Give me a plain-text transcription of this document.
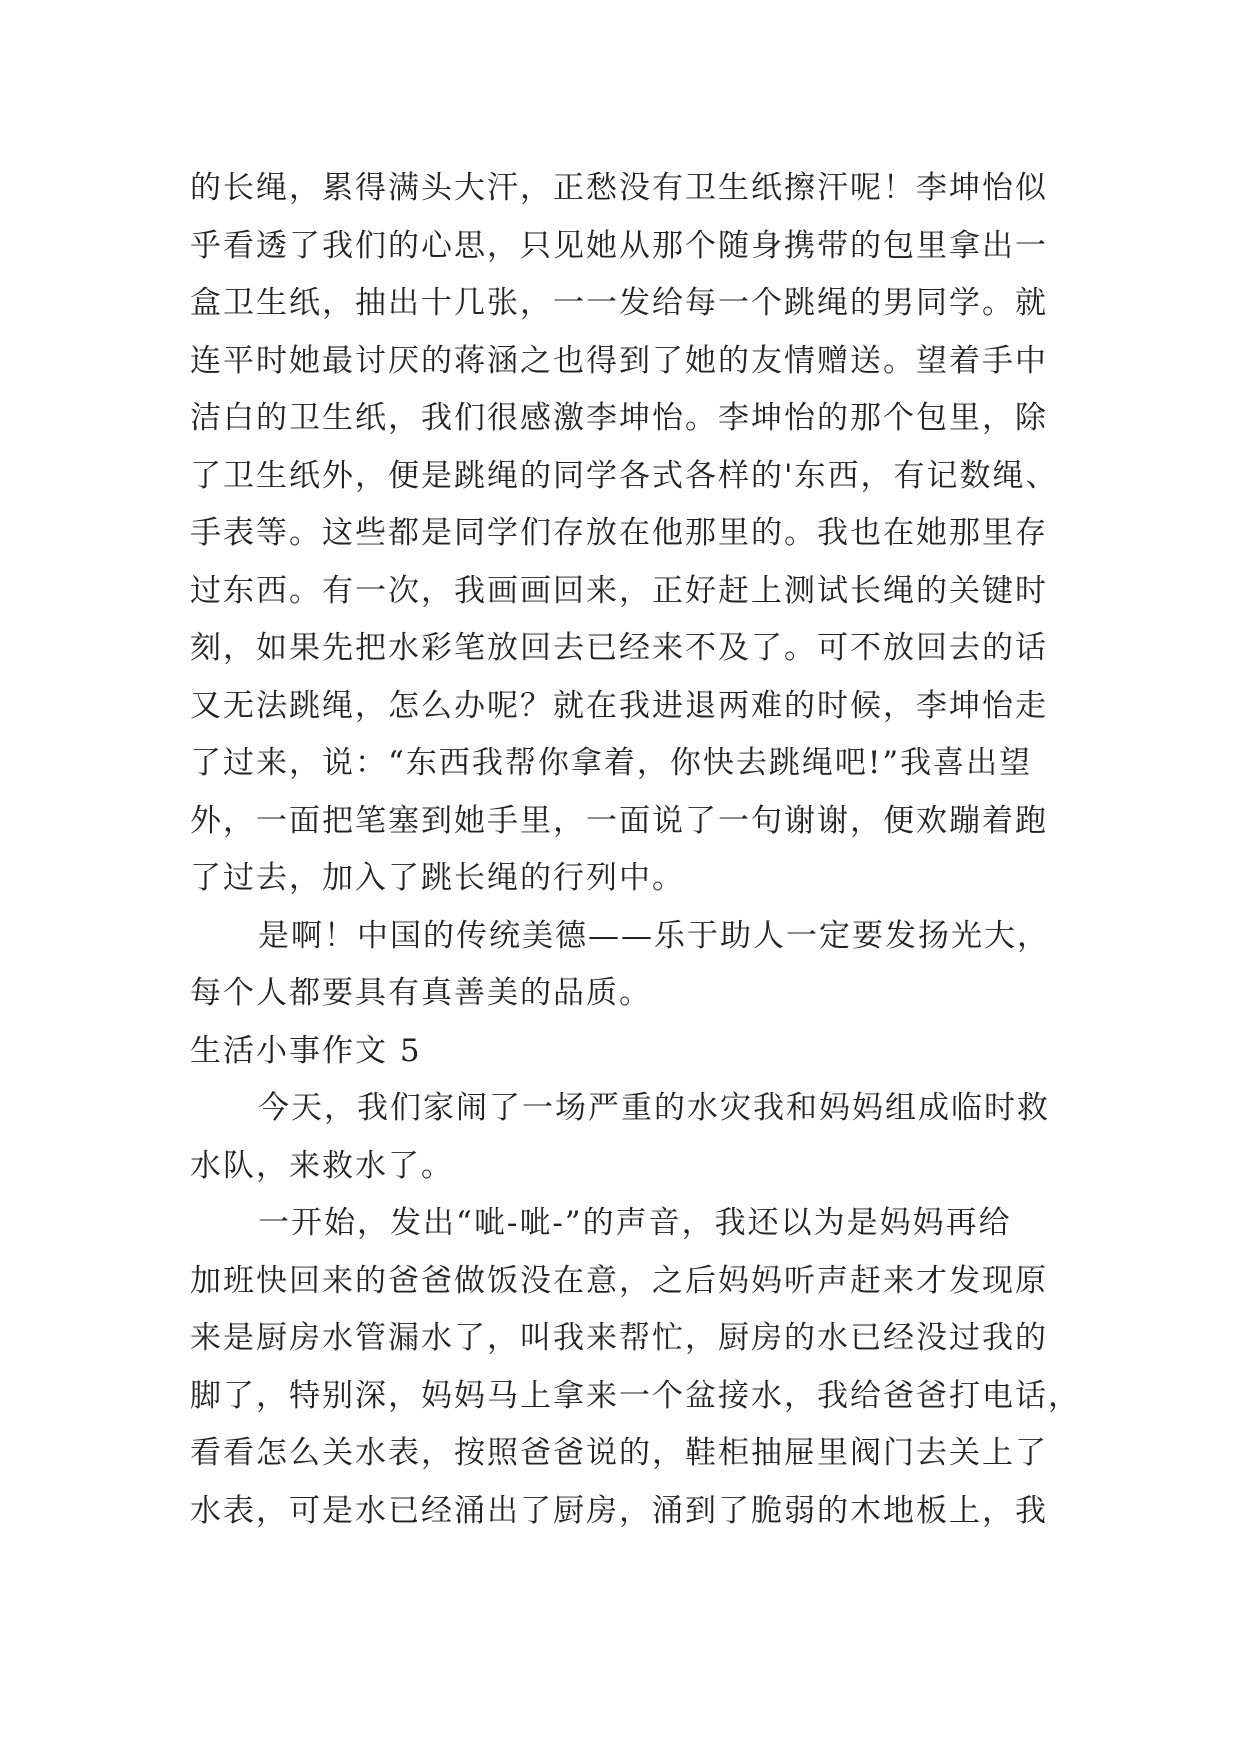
的长绳，累得满头大汗，正愁没有卫生纸擦汗呢！李坤怡似
乎看透了我们的心思，只见她从那个随身携带的包里拿出一
盒卫生纸，抽出十几张，一一发给每一个跳绳的男同学。就
连平时她最讨厌的蒋涵之也得到了她的友情赠送。望着手中
洁白的卫生纸，我们很感激李坤怡。李坤怡的那个包里，除
了卫生纸外，便是跳绳的同学各式各样的'东西，有记数绳、
手表等。这些都是同学们存放在他那里的。我也在她那里存
过东西。有一次，我画画回来，正好赶上测试长绳的关键时
刻，如果先把水彩笔放回去已经来不及了。可不放回去的话
又无法跳绳，怎么办呢？就在我进退两难的时候，李坤怡走
了过来，说：“东西我帮你拿着，你快去跳绳吧!”我喜出望
外，一面把笔塞到她手里，一面说了一句谢谢，便欢蹦着跑
了过去，加入了跳长绳的行列中。
是啊！中国的传统美德——乐于助人一定要发扬光大，
每个人都要具有真善美的品质。
生活小事作文 5
今天，我们家闹了一场严重的水灾我和妈妈组成临时救
水队，来救水了。
一开始，发出“呲-呲-”的声音，我还以为是妈妈再给
加班快回来的爸爸做饭没在意，之后妈妈听声赶来才发现原
来是厨房水管漏水了，叫我来帮忙，厨房的水已经没过我的
脚了，特别深，妈妈马上拿来一个盆接水，我给爸爸打电话，
看看怎么关水表，按照爸爸说的，鞋柜抽屉里阀门去关上了
水表，可是水已经涌出了厨房，涌到了脆弱的木地板上，我
